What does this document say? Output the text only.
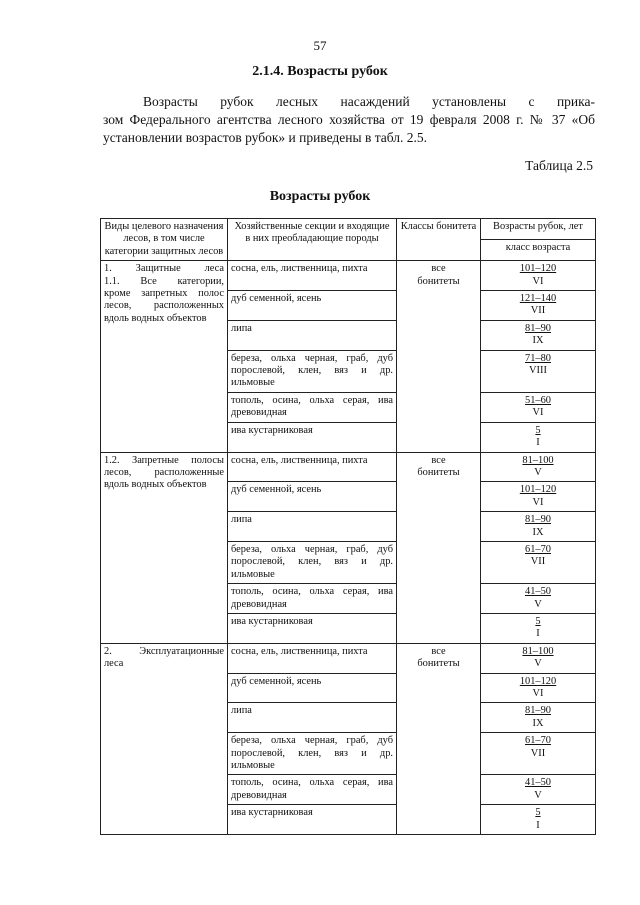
57
2.1.4. Возрасты рубок
Возрасты рубок лесных насаждений установлены с прика-
зом Федерального агентства лесного хозяйства от 19 февраля 2008 г. № 37 «Об
установлении возрастов рубок» и приведены в табл. 2.5.
Таблица 2.5
Возрасты рубок
Виды целевого назначения лесов, в том числе категории защитных лесов	Хозяйственные секции и входящие в них преобладающие породы	Классы бонитета	Возрасты рубок, лет
			класс возраста

1. Защитные леса
1.1. Все категории,
кроме запретных полос
лесов, расположенных
вдоль водных объектов	сосна, ель, лиственница, пихта	все
бонитеты	101–120
VI

	дуб семенной, ясень		121–140
VII

	липа		81–90
IX

	береза, ольха черная, граб, дуб
порослевой, клен, вяз и др.
ильмовые		71–80
VIII

	тополь, осина, ольха серая, ива
древовидная		51–60
VI

	ива кустарниковая		5
I

1.2. Запретные полосы
лесов, расположенные
вдоль водных объектов	сосна, ель, лиственница, пихта	все
бонитеты	81–100
V

	дуб семенной, ясень		101–120
VI

	липа		81–90
IX

	береза, ольха черная, граб, дуб
порослевой, клен, вяз и др.
ильмовые		61–70
VII

	тополь, осина, ольха серая, ива
древовидная		41–50
V

	ива кустарниковая		5
I

2. Эксплуатационные
леса	сосна, ель, лиственница, пихта	все
бонитеты	81–100
V

	дуб семенной, ясень		101–120
VI

	липа		81–90
IX

	береза, ольха черная, граб, дуб
порослевой, клен, вяз и др.
ильмовые		61–70
VII

	тополь, осина, ольха серая, ива
древовидная		41–50
V

	ива кустарниковая		5
I
